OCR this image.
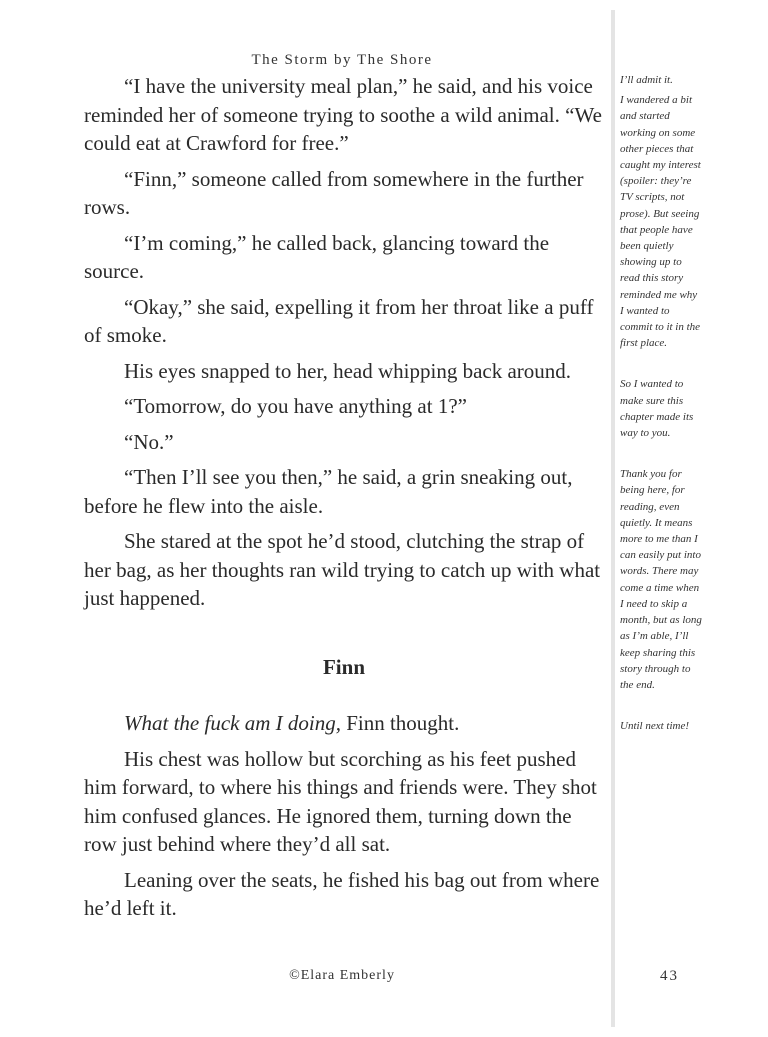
The Storm by The Shore

“I have the university meal plan,” he said, and his voice reminded her of someone trying to soothe a wild animal. “We could eat at Crawford for free.”

“Finn,” someone called from somewhere in the further rows.

“I’m coming,” he called back, glancing toward the source.

“Okay,” she said, expelling it from her throat like a puff of smoke.

His eyes snapped to her, head whipping back around.

“Tomorrow, do you have anything at 1?”

“No.”

“Then I’ll see you then,” he said, a grin sneaking out, before he flew into the aisle.

She stared at the spot he’d stood, clutching the strap of her bag, as her thoughts ran wild trying to catch up with what just happened.

Finn

What the fuck am I doing, Finn thought.

His chest was hollow but scorching as his feet pushed him forward, to where his things and friends were. They shot him confused glances. He ignored them, turning down the row just behind where they’d all sat.

Leaning over the seats, he fished his bag out from where he’d left it.

I’ll admit it.

I wandered a bit and started working on some other pieces that caught my interest (spoiler: they’re TV scripts, not prose). But seeing that people have been quietly showing up to read this story reminded me why I wanted to commit to it in the first place.

So I wanted to make sure this chapter made its way to you.

Thank you for being here, for reading, even quietly. It means more to me than I can easily put into words. There may come a time when I need to skip a month, but as long as I’m able, I’ll keep sharing this story through to the end.

Until next time!

©Elara Emberly	43
